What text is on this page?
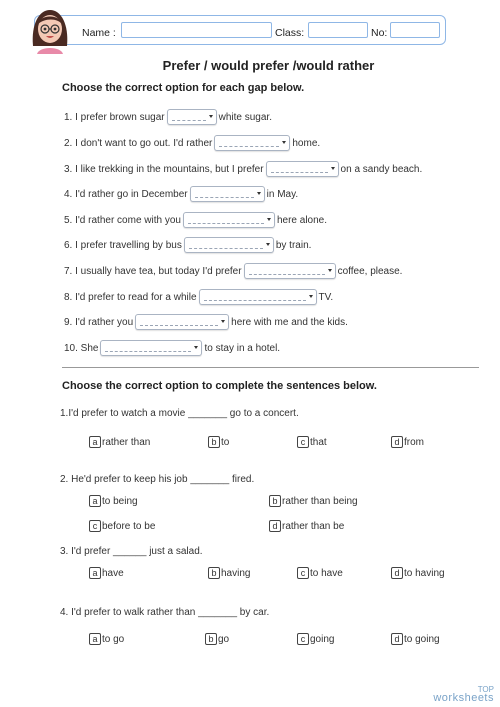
Name :	Class:	No:
Prefer / would prefer /would rather
Choose the correct option for each gap below.
1. I prefer brown sugar	white sugar.
2. I don't want to go out. I'd rather	home.
3. I like trekking in the mountains, but I prefer	on a sandy beach.
4. I'd rather go in December	in May.
5. I'd rather come with you	here alone.
6. I prefer travelling by bus	by train.
7. I usually have tea, but today I'd prefer	coffee, please.
8. I'd prefer to read for a while	TV.
9. I'd rather you	here with me and the kids.
10. She	to stay in a hotel.
Choose the correct option to complete the sentences below.
1.I'd prefer to watch a movie _______ go to a concert.
a rather than	b to	c that	d from
2. He'd prefer to keep his job _______ fired.
a to being	b rather than being
c before to be	d rather than be
3. I'd prefer ______ just a salad.
a have	b having	c to have	d to having
4. I'd prefer to walk rather than _______ by car.
a to go	b go	c going	d to going
TOP
worksheets
